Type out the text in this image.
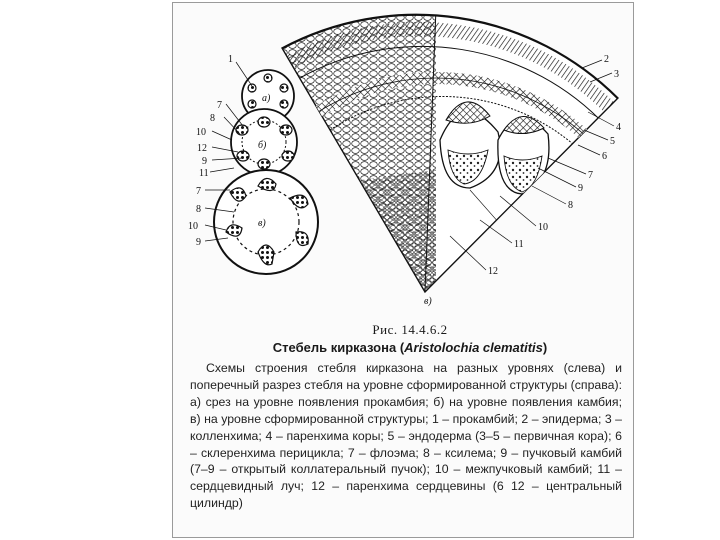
а)
б)
в)
1
7
8
10
12
9
11
7
8
10
9
в)
2
3
4
5
6
7
9
8
10
11
12
Рис. 14.4.6.2
Стебель кирказона (Aristolochia clematitis)

Схемы строения стебля кирказона на разных уровнях (слева) и поперечный разрез стебля на уровне сформированной структуры (справа): а) срез на уровне появления прокамбия; б) на уровне появления камбия; в) на уровне сформированной структуры; 1 – прокамбий; 2 – эпидерма; 3 – колленхима; 4 – паренхима коры; 5 – эндодерма (3–5 – первичная кора); 6 – склеренхима перицикла; 7 – флоэма; 8 – ксилема; 9 – пучковый камбий (7–9 – открытый коллатеральный пучок); 10 – межпучковый камбий; 11 – сердцевидный луч; 12 – паренхима сердцевины (6 12 – центральный цилиндр)
